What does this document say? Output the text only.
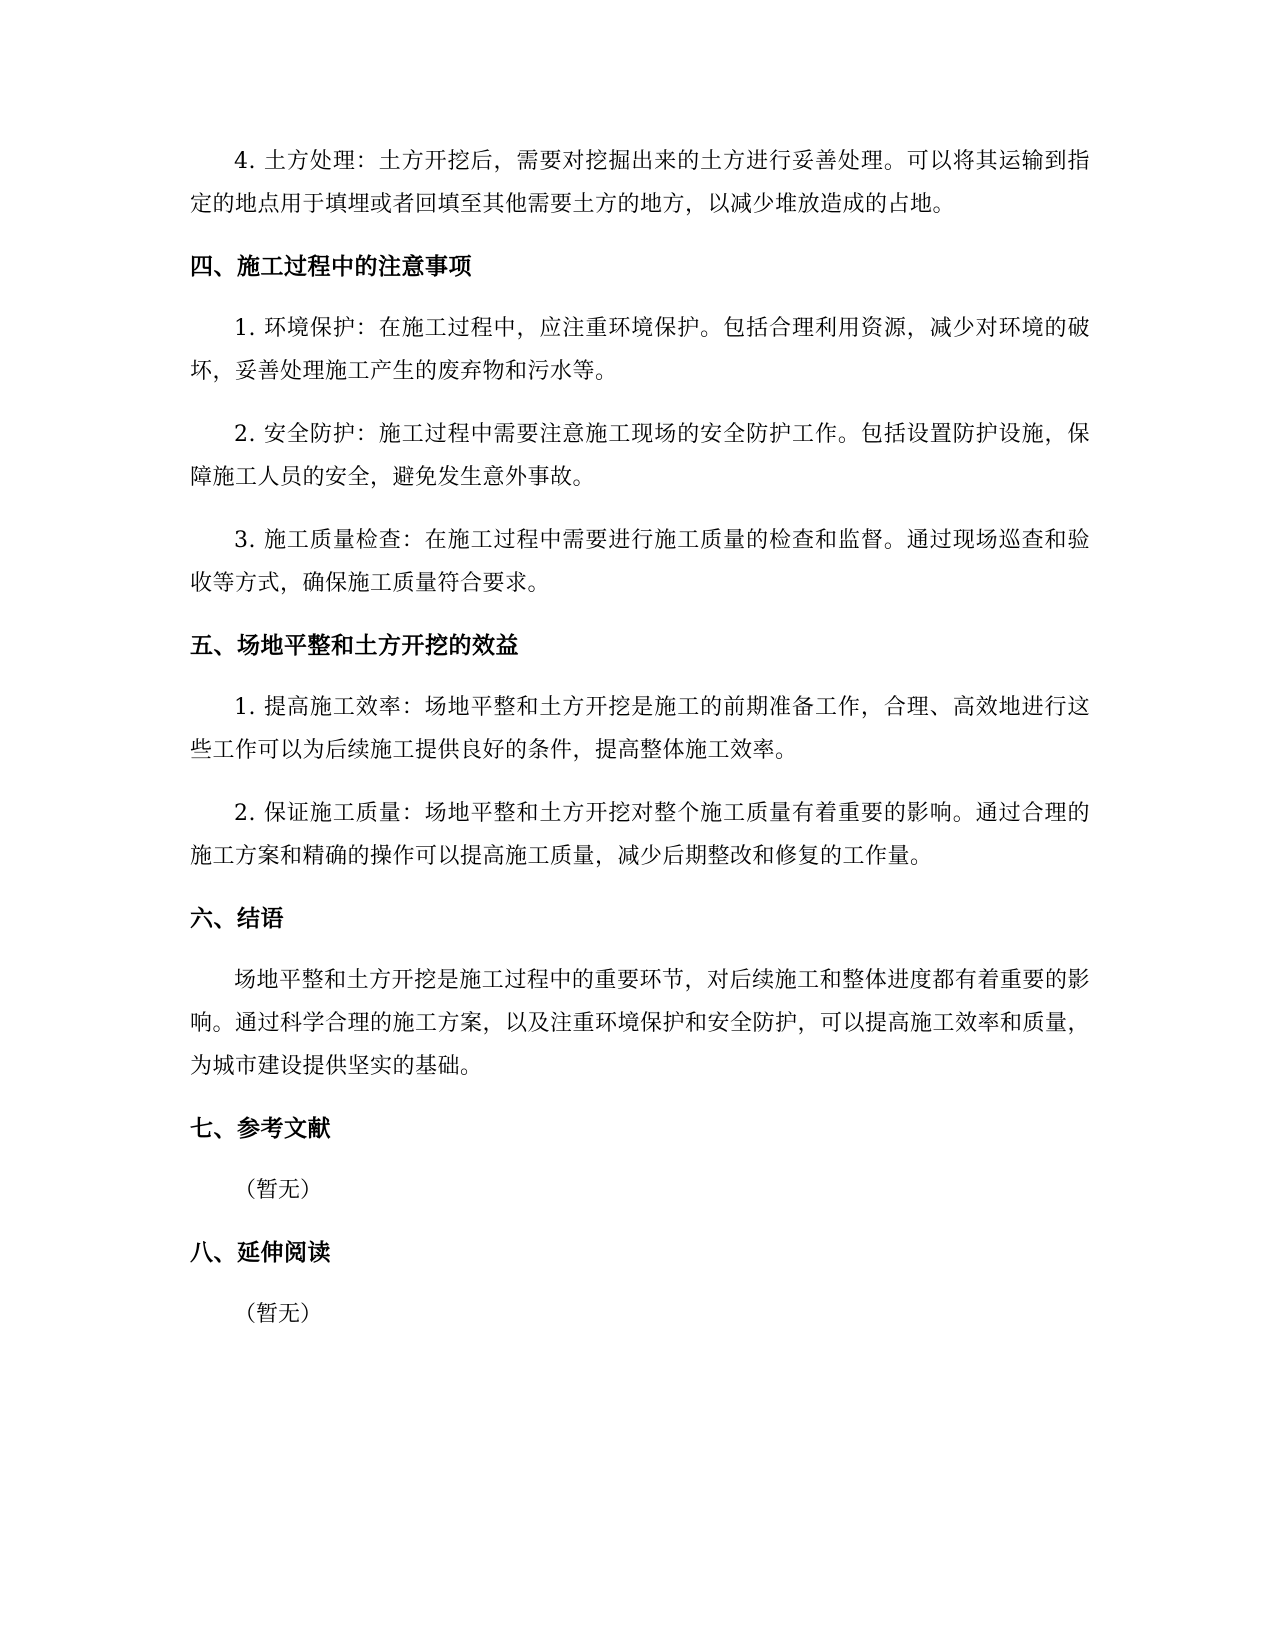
4. 土方处理：土方开挖后，需要对挖掘出来的土方进行妥善处理。可以将其运输到指定的地点用于填埋或者回填至其他需要土方的地方，以减少堆放造成的占地。

四、施工过程中的注意事项

1. 环境保护：在施工过程中，应注重环境保护。包括合理利用资源，减少对环境的破坏，妥善处理施工产生的废弃物和污水等。

2. 安全防护：施工过程中需要注意施工现场的安全防护工作。包括设置防护设施，保障施工人员的安全，避免发生意外事故。

3. 施工质量检查：在施工过程中需要进行施工质量的检查和监督。通过现场巡查和验收等方式，确保施工质量符合要求。

五、场地平整和土方开挖的效益

1. 提高施工效率：场地平整和土方开挖是施工的前期准备工作，合理、高效地进行这些工作可以为后续施工提供良好的条件，提高整体施工效率。

2. 保证施工质量：场地平整和土方开挖对整个施工质量有着重要的影响。通过合理的施工方案和精确的操作可以提高施工质量，减少后期整改和修复的工作量。

六、结语

场地平整和土方开挖是施工过程中的重要环节，对后续施工和整体进度都有着重要的影响。通过科学合理的施工方案，以及注重环境保护和安全防护，可以提高施工效率和质量，为城市建设提供坚实的基础。

七、参考文献

（暂无）

八、延伸阅读

（暂无）
